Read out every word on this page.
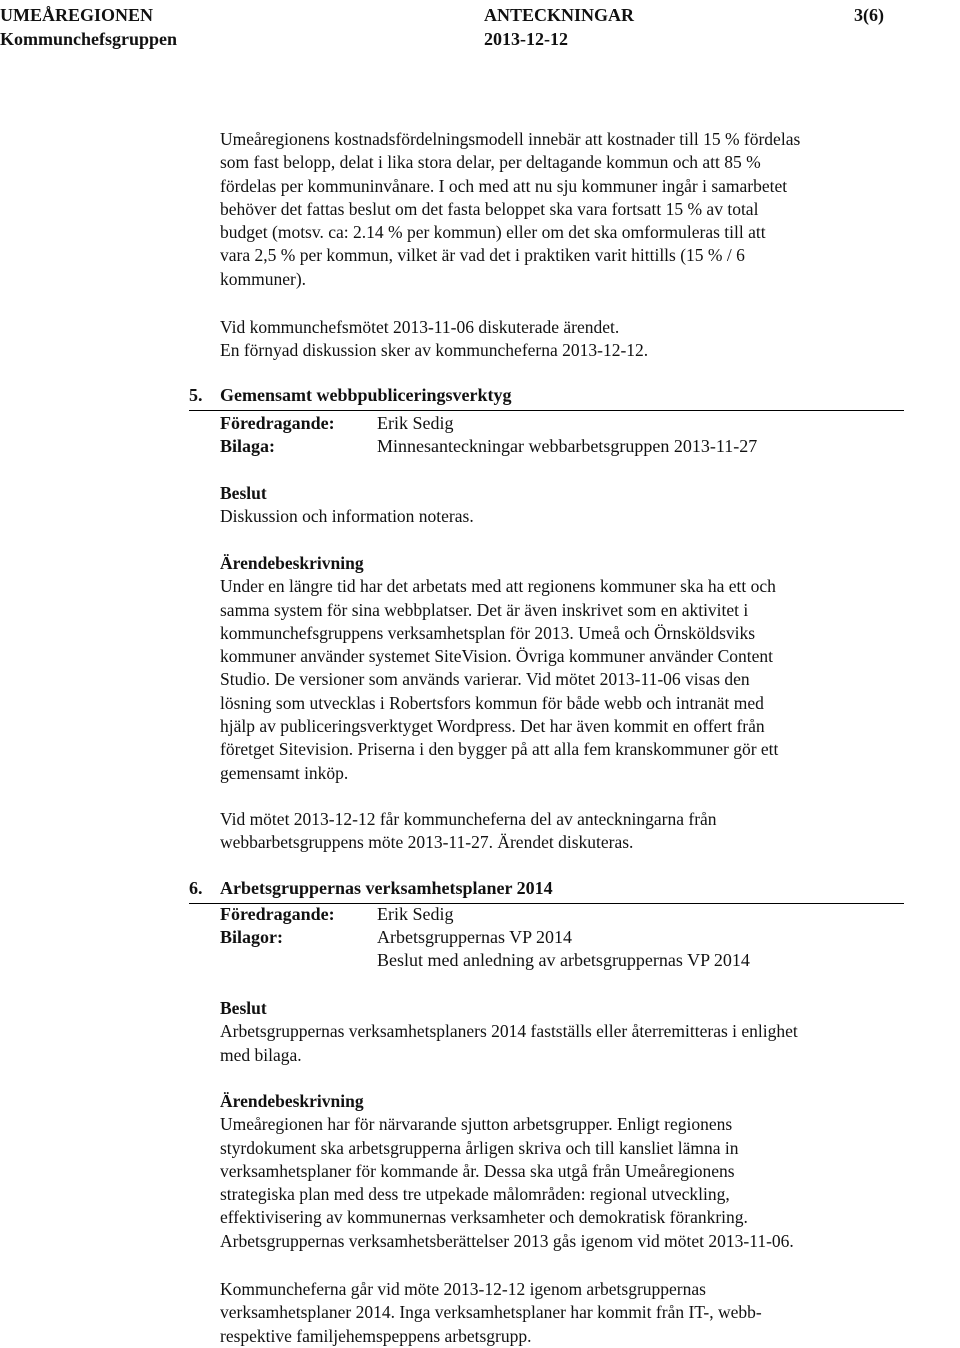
UMEÅREGIONEN	ANTECKNINGAR	3(6)
Kommunchefsgruppen	2013-12-12

Umeåregionens kostnadsfördelningsmodell innebär att kostnader till 15 % fördelas

som fast belopp, delat i lika stora delar, per deltagande kommun och att 85 %

fördelas per kommuninvånare. I och med att nu sju kommuner ingår i samarbetet

behöver det fattas beslut om det fasta beloppet ska vara fortsatt 15 % av total

budget (motsv. ca: 2.14 % per kommun) eller om det ska omformuleras till att

vara 2,5 % per kommun, vilket är vad det i praktiken varit hittills (15 % / 6

kommuner).

Vid kommunchefsmötet 2013-11-06 diskuterade ärendet.

En förnyad diskussion sker av kommuncheferna 2013-12-12.

5. Gemensamt webbpubliceringsverktyg
Föredragande: Erik Sedig
Bilaga:	Minnesanteckningar webbarbetsgruppen 2013-11-27

Beslut

Diskussion och information noteras.

Ärendebeskrivning

Under en längre tid har det arbetats med att regionens kommuner ska ha ett och

samma system för sina webbplatser. Det är även inskrivet som en aktivitet i

kommunchefsgruppens verksamhetsplan för 2013. Umeå och Örnsköldsviks

kommuner använder systemet SiteVision. Övriga kommuner använder Content

Studio. De versioner som används varierar. Vid mötet 2013-11-06 visas den

lösning som utvecklas i Robertsfors kommun för både webb och intranät med

hjälp av publiceringsverktyget Wordpress. Det har även kommit en offert från

företget Sitevision. Priserna i den bygger på att alla fem kranskommuner gör ett

gemensamt inköp.

Vid mötet 2013-12-12 får kommuncheferna del av anteckningarna från

webbarbetsgruppens möte 2013-11-27. Ärendet diskuteras.

6. Arbetsgruppernas verksamhetsplaner 2014
Föredragande: Erik Sedig
Bilagor:	Arbetsgruppernas VP 2014
Beslut med anledning av arbetsgruppernas VP 2014

Beslut

Arbetsgruppernas verksamhetsplaners 2014 fastställs eller återremitteras i enlighet

med bilaga.

Ärendebeskrivning

Umeåregionen har för närvarande sjutton arbetsgrupper. Enligt regionens

styrdokument ska arbetsgrupperna årligen skriva och till kansliet lämna in

verksamhetsplaner för kommande år. Dessa ska utgå från Umeåregionens

strategiska plan med dess tre utpekade målområden: regional utveckling,

effektivisering av kommunernas verksamheter och demokratisk förankring.

Arbetsgruppernas verksamhetsberättelser 2013 gås igenom vid mötet 2013-11-06.

Kommuncheferna går vid möte 2013-12-12 igenom arbetsgruppernas

verksamhetsplaner 2014. Inga verksamhetsplaner har kommit från IT-, webb-

respektive familjehemspeppens arbetsgrupp.
